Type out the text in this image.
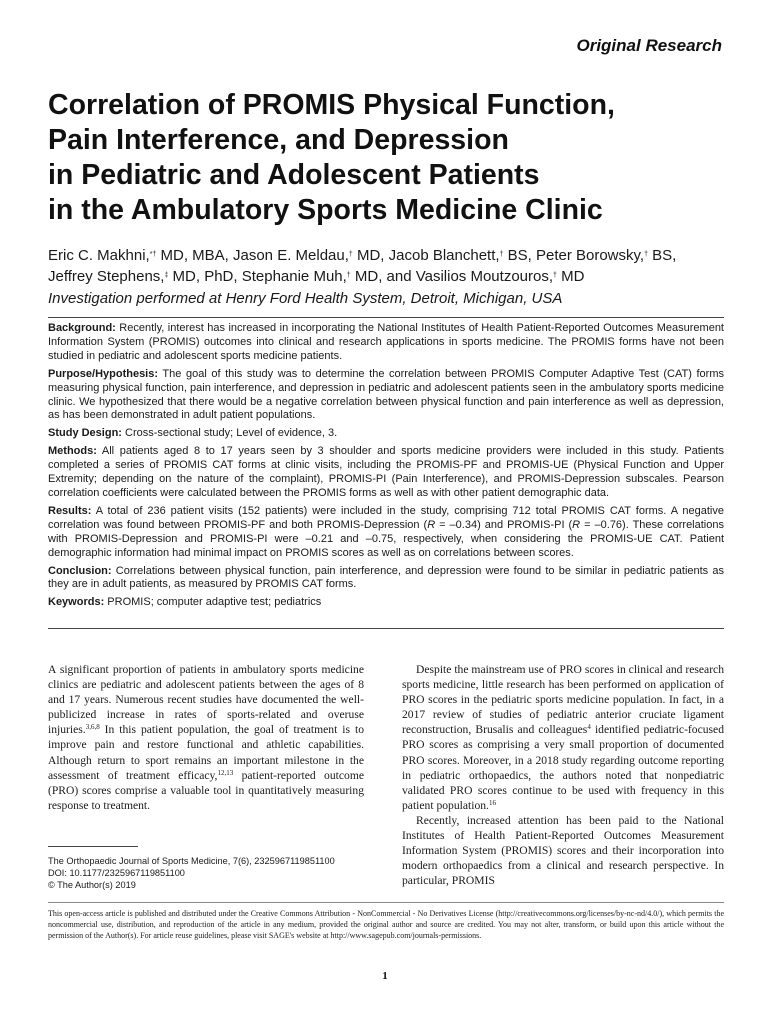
Original Research
Correlation of PROMIS Physical Function,
Pain Interference, and Depression
in Pediatric and Adolescent Patients
in the Ambulatory Sports Medicine Clinic
Eric C. Makhni,*† MD, MBA, Jason E. Meldau,† MD, Jacob Blanchett,† BS, Peter Borowsky,† BS,
Jeffrey Stephens,‡ MD, PhD, Stephanie Muh,† MD, and Vasilios Moutzouros,† MD
Investigation performed at Henry Ford Health System, Detroit, Michigan, USA

Background: Recently, interest has increased in incorporating the National Institutes of Health Patient-Reported Outcomes Measurement Information System (PROMIS) outcomes into clinical and research applications in sports medicine. The PROMIS forms have not been studied in pediatric and adolescent sports medicine patients.

Purpose/Hypothesis: The goal of this study was to determine the correlation between PROMIS Computer Adaptive Test (CAT) forms measuring physical function, pain interference, and depression in pediatric and adolescent patients seen in the ambulatory sports medicine clinic. We hypothesized that there would be a negative correlation between physical function and pain interference as well as depression, as has been demonstrated in adult patient populations.

Study Design: Cross-sectional study; Level of evidence, 3.

Methods: All patients aged 8 to 17 years seen by 3 shoulder and sports medicine providers were included in this study. Patients completed a series of PROMIS CAT forms at clinic visits, including the PROMIS-PF and PROMIS-UE (Physical Function and Upper Extremity; depending on the nature of the complaint), PROMIS-PI (Pain Interference), and PROMIS-Depression subscales. Pearson correlation coefficients were calculated between the PROMIS forms as well as with other patient demographic data.

Results: A total of 236 patient visits (152 patients) were included in the study, comprising 712 total PROMIS CAT forms. A negative correlation was found between PROMIS-PF and both PROMIS-Depression (R = –0.34) and PROMIS-PI (R = –0.76). These correlations with PROMIS-Depression and PROMIS-PI were –0.21 and –0.75, respectively, when considering the PROMIS-UE CAT. Patient demographic information had minimal impact on PROMIS scores as well as on correlations between scores.

Conclusion: Correlations between physical function, pain interference, and depression were found to be similar in pediatric patients as they are in adult patients, as measured by PROMIS CAT forms.

Keywords: PROMIS; computer adaptive test; pediatrics

A significant proportion of patients in ambulatory sports medicine clinics are pediatric and adolescent patients between the ages of 8 and 17 years. Numerous recent studies have documented the well-publicized increase in rates of sports-related and overuse injuries.$^{3,6,8}$ In this patient population, the goal of treatment is to improve pain and restore functional and athletic capabilities. Although return to sport remains an important milestone in the assessment of treatment efficacy,$^{12,13}$ patient-reported outcome (PRO) scores comprise a valuable tool in quantitatively measuring response to treatment.

Despite the mainstream use of PRO scores in clinical and research sports medicine, little research has been performed on application of PRO scores in the pediatric sports medicine population. In fact, in a 2017 review of studies of pediatric anterior cruciate ligament reconstruction, Brusalis and colleagues$^4$ identified pediatric-focused PRO scores as comprising a very small proportion of documented PRO scores. Moreover, in a 2018 study regarding outcome reporting in pediatric orthopaedics, the authors noted that nonpediatric validated PRO scores continue to be used with frequency in this patient population.$^{16}$

Recently, increased attention has been paid to the National Institutes of Health Patient-Reported Outcomes Measurement Information System (PROMIS) scores and their incorporation into modern orthopaedics from a clinical and research perspective. In particular, PROMIS

The Orthopaedic Journal of Sports Medicine, 7(6), 2325967119851100
DOI: 10.1177/2325967119851100
© The Author(s) 2019
This open-access article is published and distributed under the Creative Commons Attribution - NonCommercial - No Derivatives License (http://creativecommons.org/licenses/by-nc-nd/4.0/), which permits the noncommercial use, distribution, and reproduction of the article in any medium, provided the original author and source are credited. You may not alter, transform, or build upon this article without the permission of the Author(s). For article reuse guidelines, please visit SAGE's website at http://www.sagepub.com/journals-permissions.
1
